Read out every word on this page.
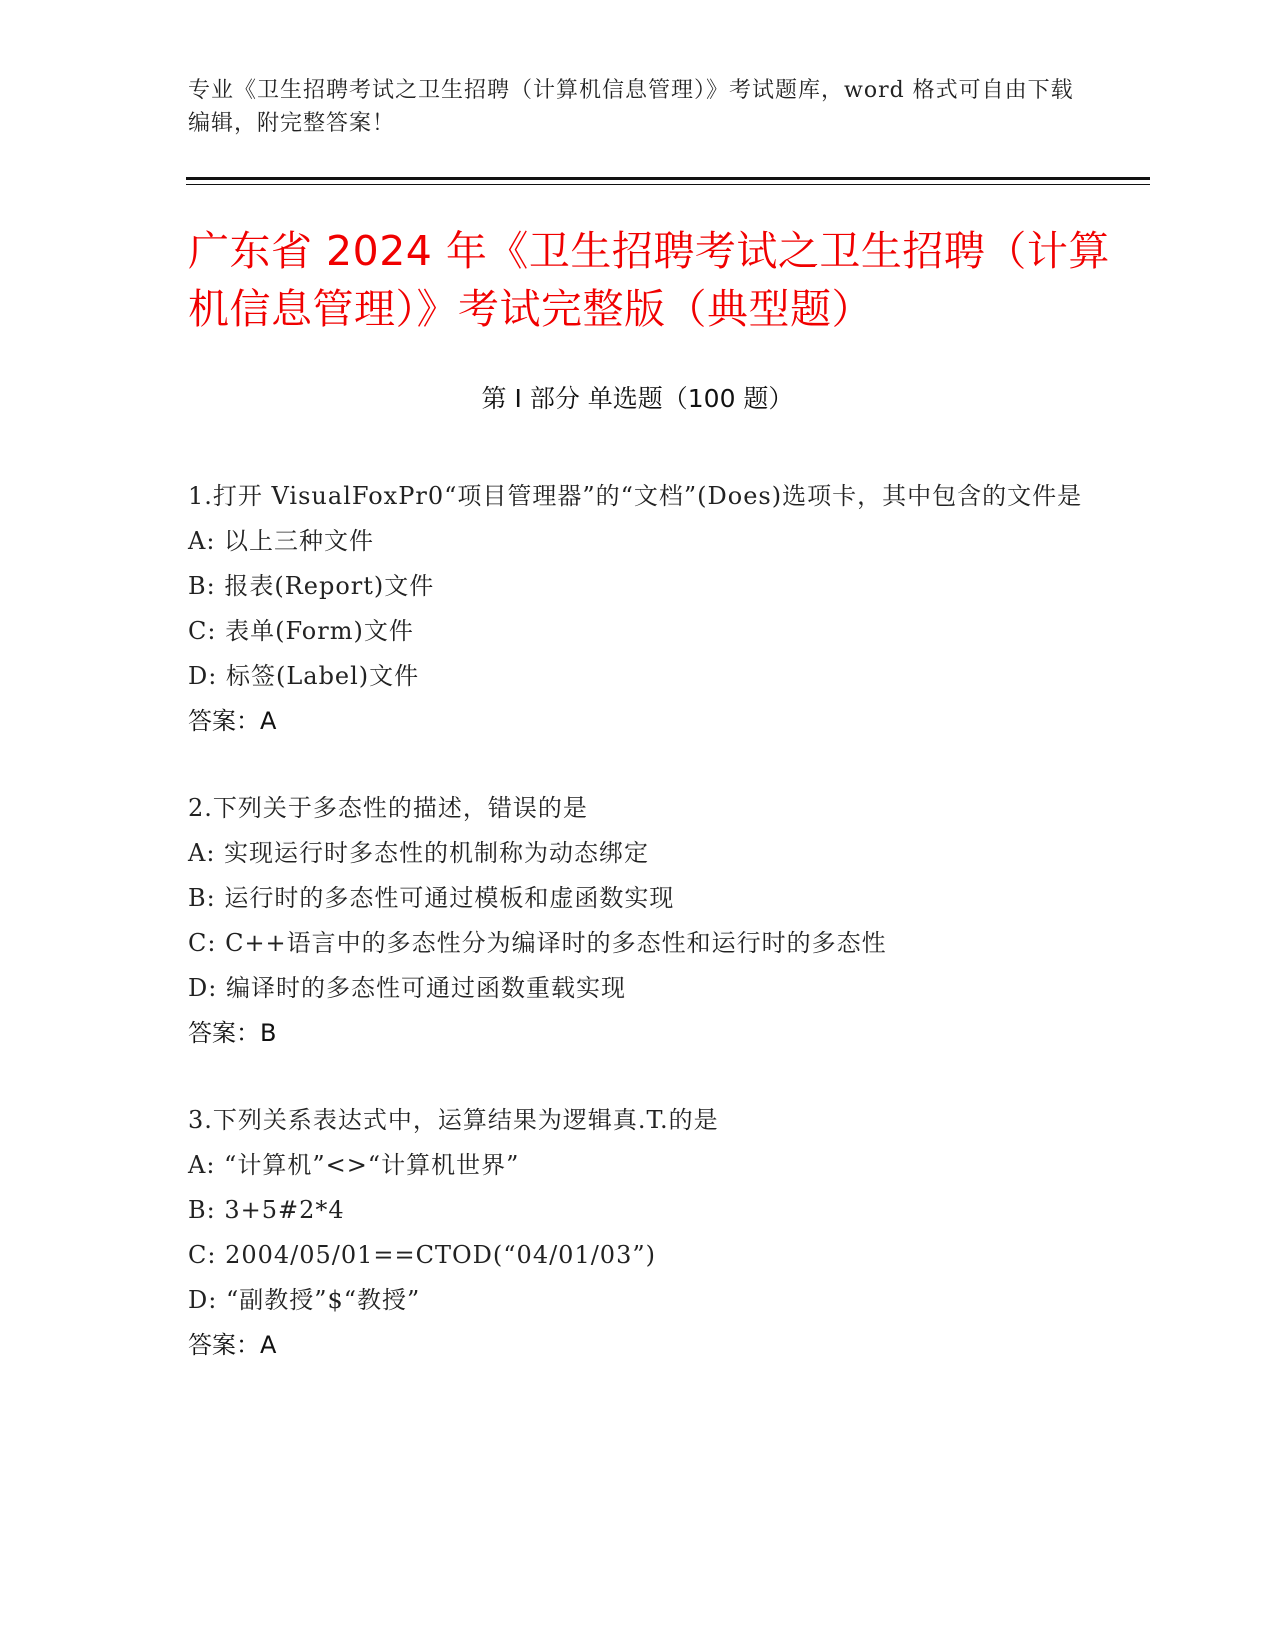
专业《卫生招聘考试之卫生招聘（计算机信息管理）》考试题库，word 格式可自由下载编辑，附完整答案！
广东省 2024 年《卫生招聘考试之卫生招聘（计算机信息管理）》考试完整版（典型题）
第 I 部分 单选题（100 题）
1.打开 VisualFoxPr0“项目管理器”的“文档”(Does)选项卡，其中包含的文件是
A: 以上三种文件
B: 报表(Report)文件
C: 表单(Form)文件
D: 标签(Label)文件
答案：A
2.下列关于多态性的描述，错误的是
A: 实现运行时多态性的机制称为动态绑定
B: 运行时的多态性可通过模板和虚函数实现
C: C++语言中的多态性分为编译时的多态性和运行时的多态性
D: 编译时的多态性可通过函数重载实现
答案：B
3.下列关系表达式中，运算结果为逻辑真.T.的是
A: “计算机”<>“计算机世界”
B: 3+5#2*4
C: 2004/05/01==CTOD(“04/01/03”)
D: “副教授”$“教授”
答案：A
